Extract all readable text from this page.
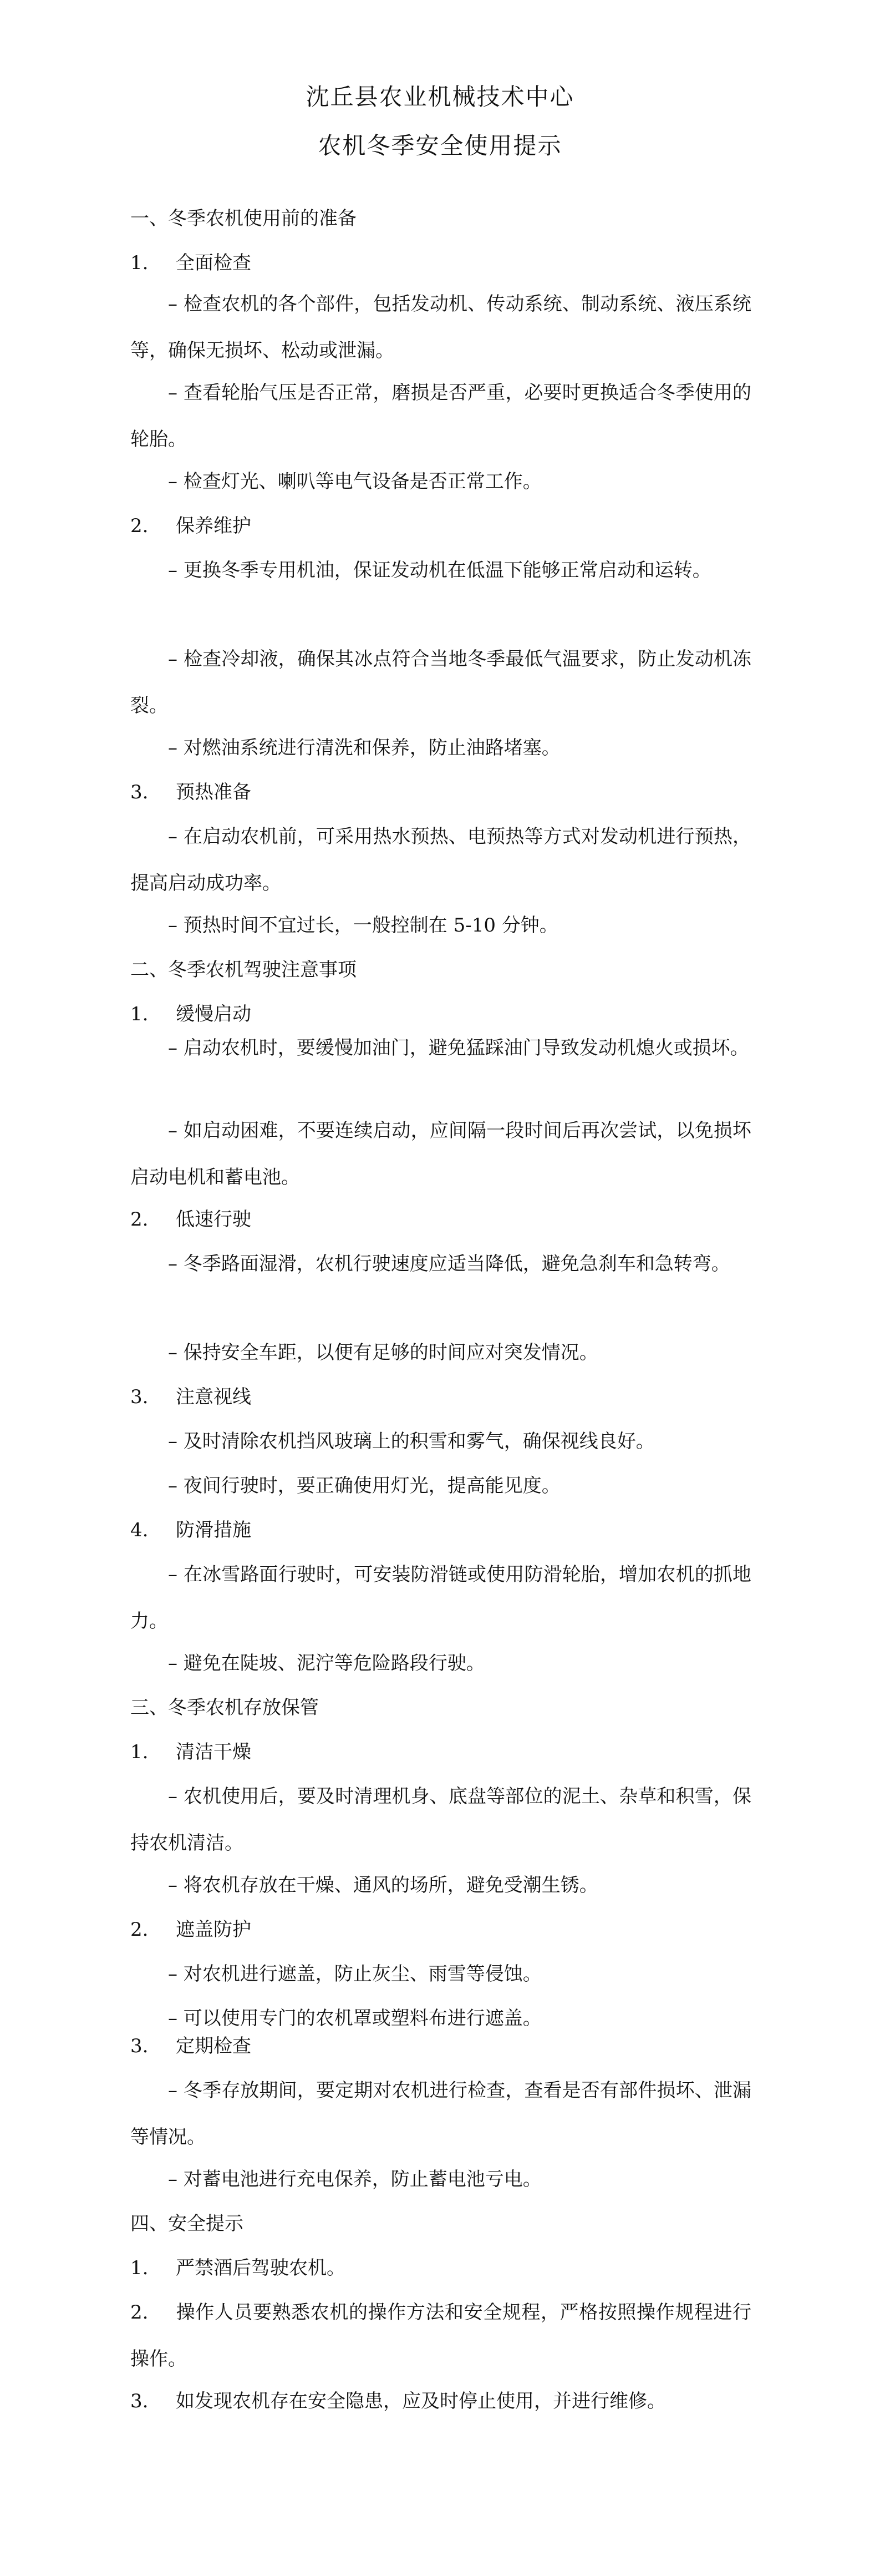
沈丘县农业机械技术中心
农机冬季安全使用提示

一、冬季农机使用前的准备

1. 全面检查

– 检查农机的各个部件，包括发动机、传动系统、制动系统、液压系统等，确保无损坏、松动或泄漏。

– 查看轮胎气压是否正常，磨损是否严重，必要时更换适合冬季使用的轮胎。

– 检查灯光、喇叭等电气设备是否正常工作。

2. 保养维护

– 更换冬季专用机油，保证发动机在低温下能够正常启动和运转。

– 检查冷却液，确保其冰点符合当地冬季最低气温要求，防止发动机冻裂。

– 对燃油系统进行清洗和保养，防止油路堵塞。

3. 预热准备

– 在启动农机前，可采用热水预热、电预热等方式对发动机进行预热，提高启动成功率。

– 预热时间不宜过长，一般控制在 5-10 分钟。

二、冬季农机驾驶注意事项

1. 缓慢启动

– 启动农机时，要缓慢加油门，避免猛踩油门导致发动机熄火或损坏。

– 如启动困难，不要连续启动，应间隔一段时间后再次尝试，以免损坏启动电机和蓄电池。

2. 低速行驶

– 冬季路面湿滑，农机行驶速度应适当降低，避免急刹车和急转弯。

– 保持安全车距，以便有足够的时间应对突发情况。

3. 注意视线

– 及时清除农机挡风玻璃上的积雪和雾气，确保视线良好。

– 夜间行驶时，要正确使用灯光，提高能见度。

4. 防滑措施

– 在冰雪路面行驶时，可安装防滑链或使用防滑轮胎，增加农机的抓地力。

– 避免在陡坡、泥泞等危险路段行驶。

三、冬季农机存放保管

1. 清洁干燥

– 农机使用后，要及时清理机身、底盘等部位的泥土、杂草和积雪，保持农机清洁。

– 将农机存放在干燥、通风的场所，避免受潮生锈。

2. 遮盖防护

– 对农机进行遮盖，防止灰尘、雨雪等侵蚀。

– 可以使用专门的农机罩或塑料布进行遮盖。

3. 定期检查

– 冬季存放期间，要定期对农机进行检查，查看是否有部件损坏、泄漏等情况。

– 对蓄电池进行充电保养，防止蓄电池亏电。

四、安全提示

1. 严禁酒后驾驶农机。

2. 操作人员要熟悉农机的操作方法和安全规程，严格按照操作规程进行操作。

3. 如发现农机存在安全隐患，应及时停止使用，并进行维修。
